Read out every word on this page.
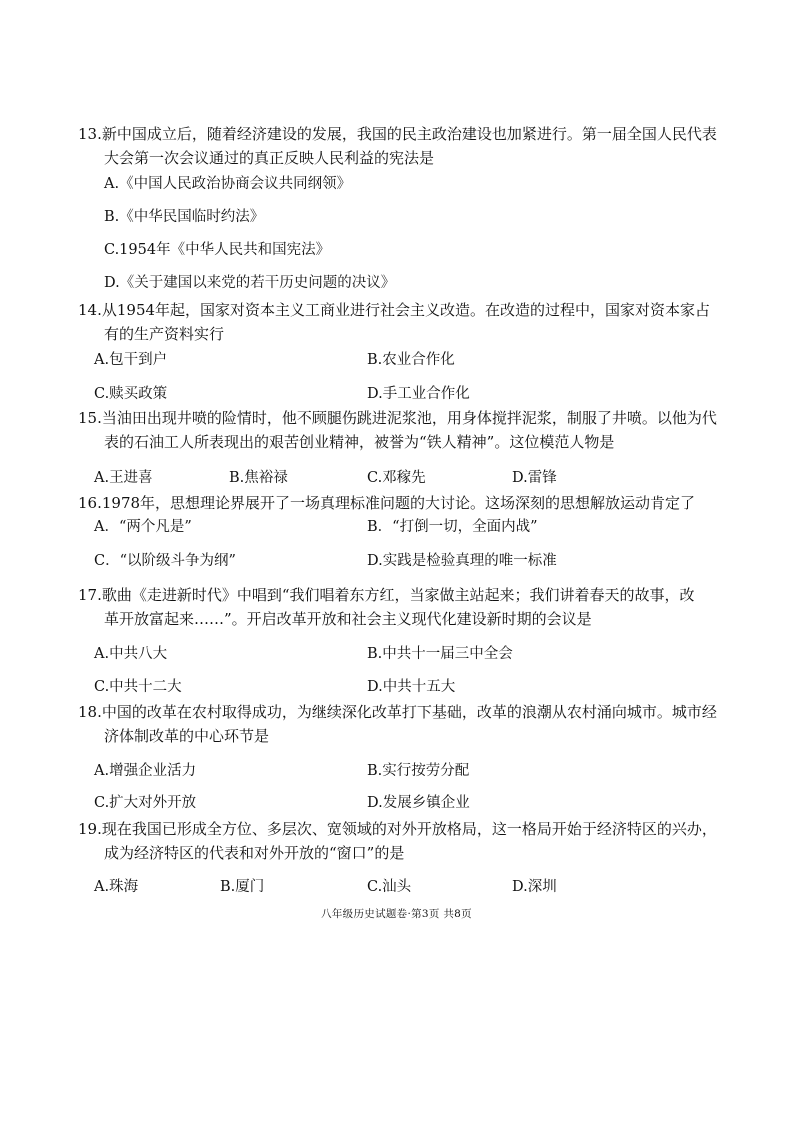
13.新中国成立后，随着经济建设的发展，我国的民主政治建设也加紧进行。第一届全国人民代表
大会第一次会议通过的真正反映人民利益的宪法是
A.《中国人民政治协商会议共同纲领》
B.《中华民国临时约法》
C.1954年《中华人民共和国宪法》
D.《关于建国以来党的若干历史问题的决议》
14.从1954年起，国家对资本主义工商业进行社会主义改造。在改造的过程中，国家对资本家占
有的生产资料实行
A.包干到户	B.农业合作化
C.赎买政策	D.手工业合作化
15.当油田出现井喷的险情时，他不顾腿伤跳进泥浆池，用身体搅拌泥浆，制服了井喷。以他为代
表的石油工人所表现出的艰苦创业精神，被誉为“铁人精神”。这位模范人物是
A.王进喜	B.焦裕禄	C.邓稼先	D.雷锋
16.1978年，思想理论界展开了一场真理标准问题的大讨论。这场深刻的思想解放运动肯定了
A．“两个凡是”	B．“打倒一切，全面内战”
C．“以阶级斗争为纲”	D.实践是检验真理的唯一标准
17.歌曲《走进新时代》中唱到“我们唱着东方红，当家做主站起来；我们讲着春天的故事，改
革开放富起来……”。开启改革开放和社会主义现代化建设新时期的会议是
A.中共八大	B.中共十一届三中全会
C.中共十二大	D.中共十五大
18.中国的改革在农村取得成功，为继续深化改革打下基础，改革的浪潮从农村涌向城市。城市经
济体制改革的中心环节是
A.增强企业活力	B.实行按劳分配
C.扩大对外开放	D.发展乡镇企业
19.现在我国已形成全方位、多层次、宽领域的对外开放格局，这一格局开始于经济特区的兴办，
成为经济特区的代表和对外开放的“窗口”的是
A.珠海	B.厦门	C.汕头	D.深圳
八年级历史试题卷·第3页 共8页
